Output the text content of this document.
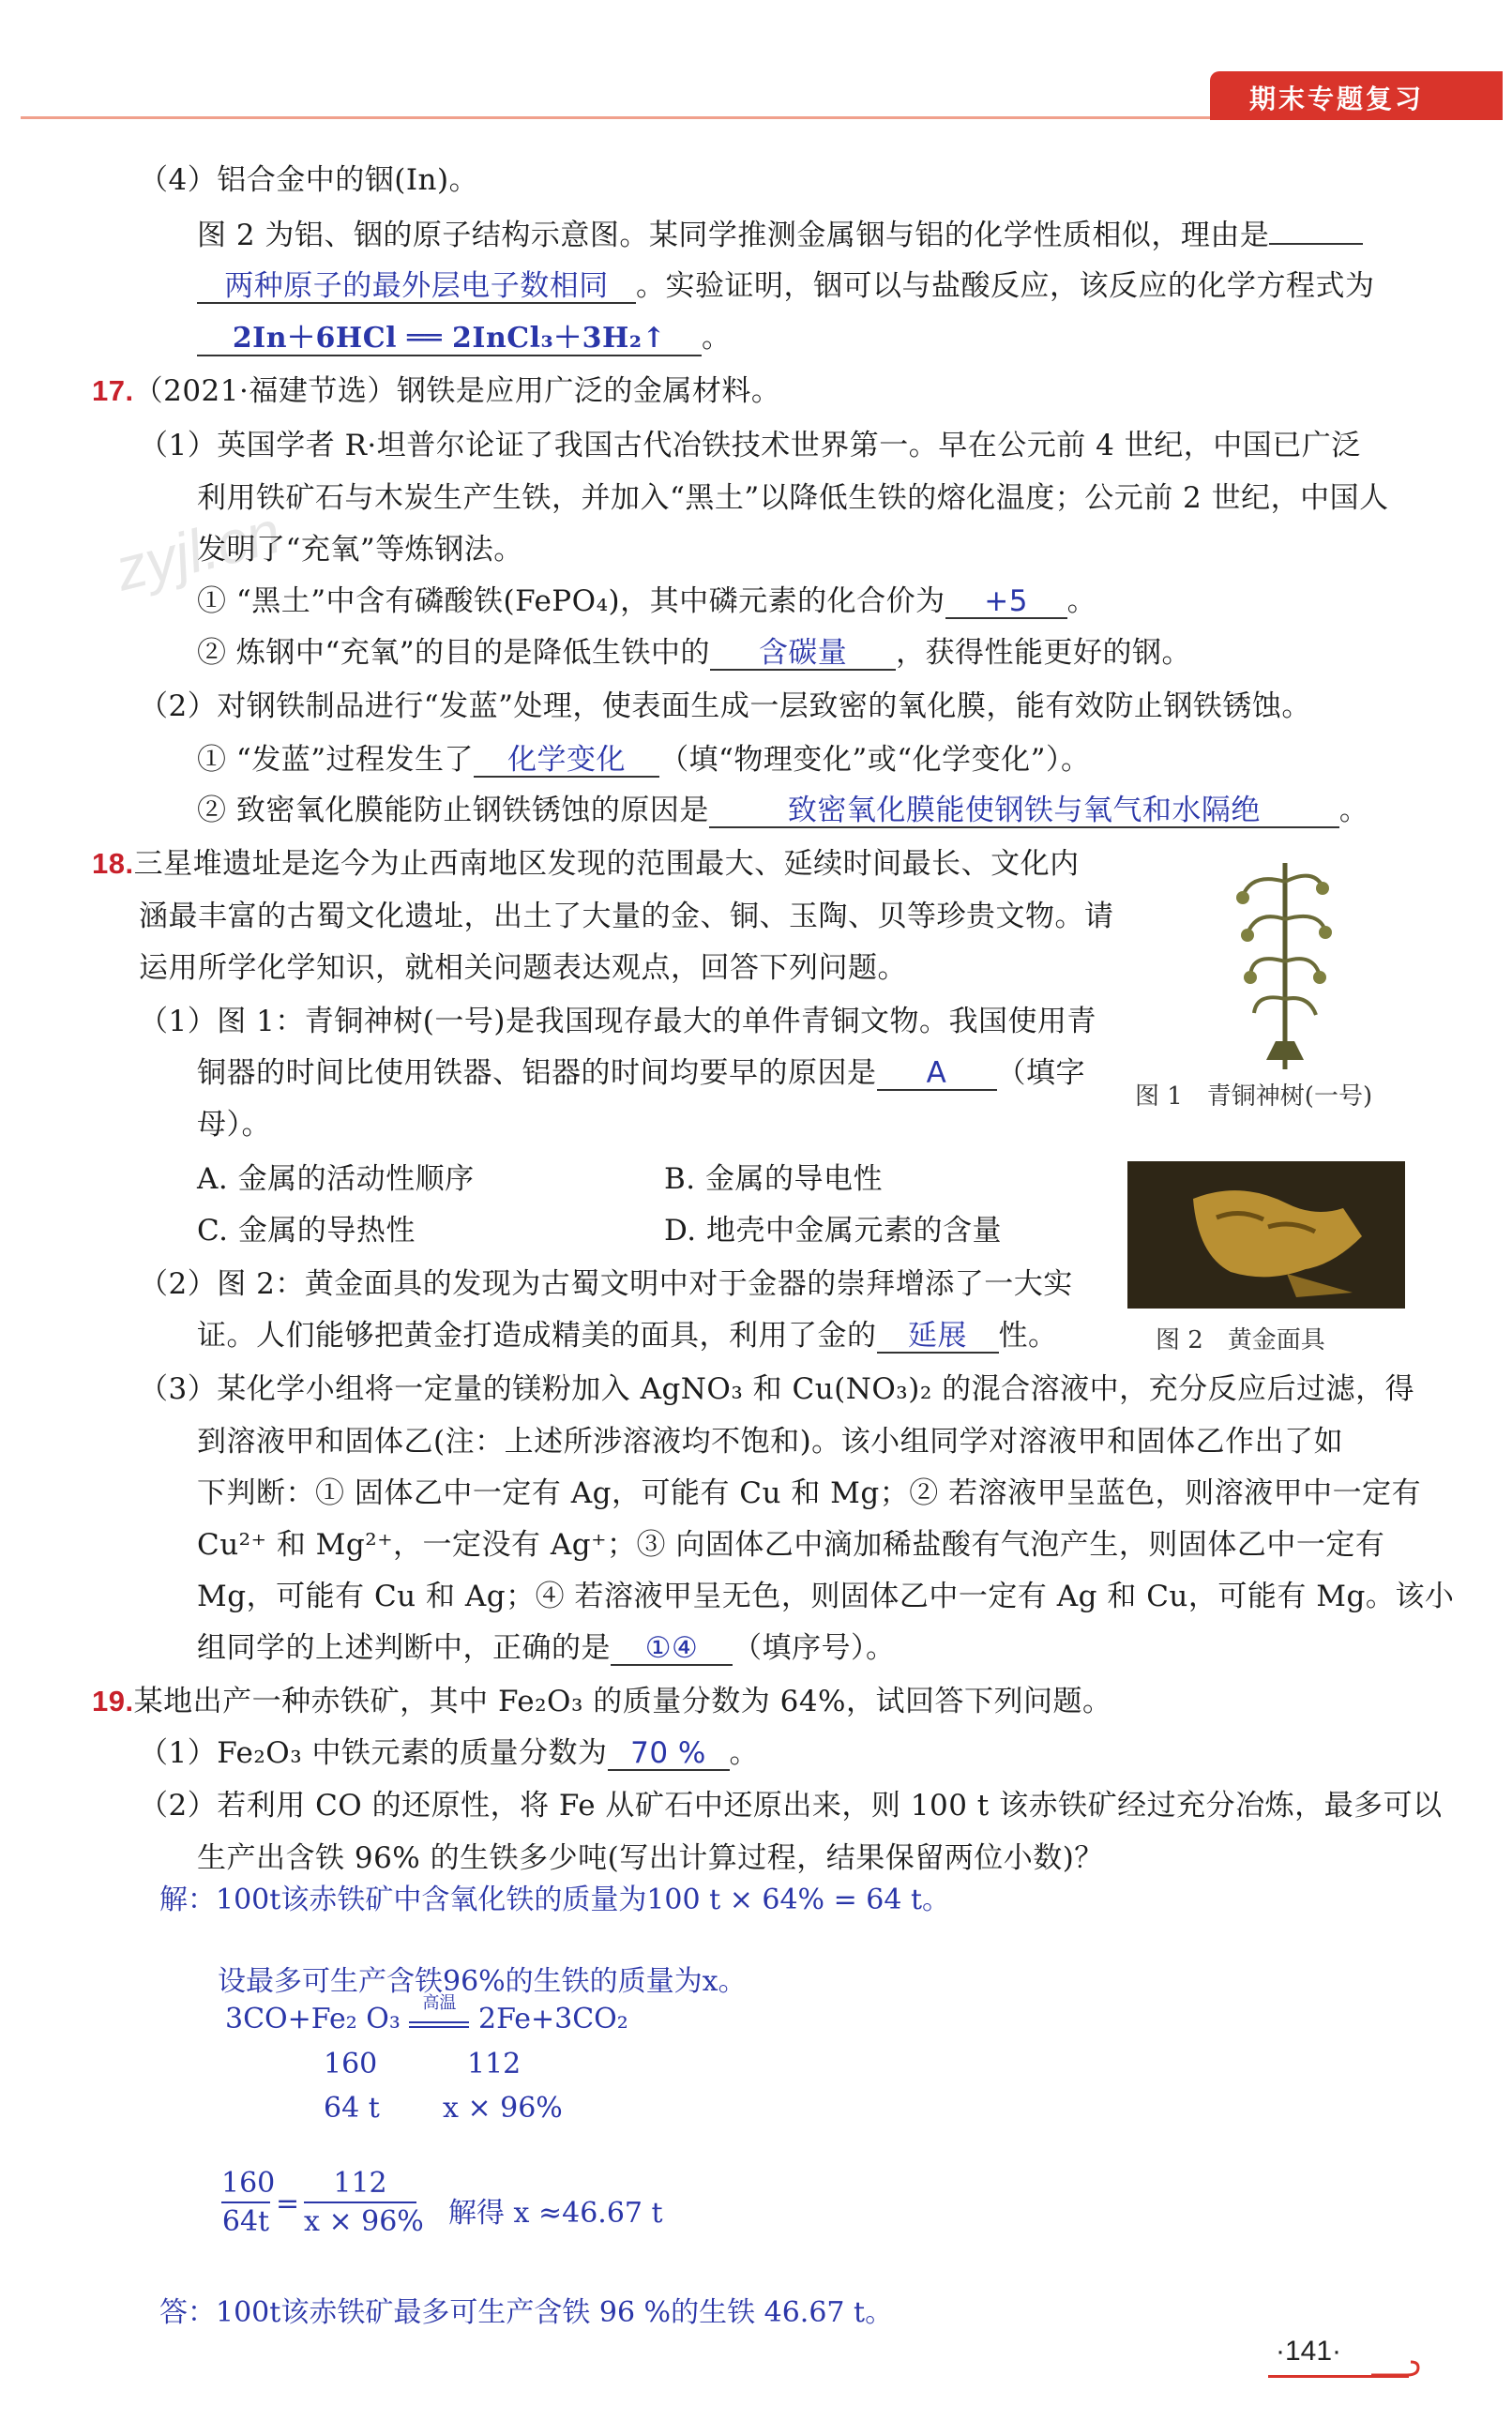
期末专题复习
zyjl.cn
（4）铝合金中的铟(In)。
图 2 为铝、铟的原子结构示意图。某同学推测金属铟与铝的化学性质相似，理由是
两种原子的最外层电子数相同 。实验证明，铟可以与盐酸反应，该反应的化学方程式为
2In＋6HCl ══ 2InCl₃＋3H₂↑ 。
17.（2021·福建节选）钢铁是应用广泛的金属材料。
（1）英国学者 R·坦普尔论证了我国古代冶铁技术世界第一。早在公元前 4 世纪，中国已广泛
利用铁矿石与木炭生产生铁，并加入“黑土”以降低生铁的熔化温度；公元前 2 世纪，中国人
发明了“充氧”等炼钢法。
① “黑土”中含有磷酸铁(FePO₄)，其中磷元素的化合价为 +5 。
② 炼钢中“充氧”的目的是降低生铁中的 含碳量 ，获得性能更好的钢。
（2）对钢铁制品进行“发蓝”处理，使表面生成一层致密的氧化膜，能有效防止钢铁锈蚀。
① “发蓝”过程发生了 化学变化 （填“物理变化”或“化学变化”）。
② 致密氧化膜能防止钢铁锈蚀的原因是	致密氧化膜能使钢铁与氧气和水隔绝	。
18.三星堆遗址是迄今为止西南地区发现的范围最大、延续时间最长、文化内
涵最丰富的古蜀文化遗址，出土了大量的金、铜、玉陶、贝等珍贵文物。请
运用所学化学知识，就相关问题表达观点，回答下列问题。
（1）图 1：青铜神树(一号)是我国现存最大的单件青铜文物。我国使用青
铜器的时间比使用铁器、铝器的时间均要早的原因是 A （填字
母）。
A. 金属的活动性顺序	B. 金属的导电性
C. 金属的导热性	D. 地壳中金属元素的含量
（2）图 2：黄金面具的发现为古蜀文明中对于金器的崇拜增添了一大实
证。人们能够把黄金打造成精美的面具，利用了金的 延展 性。
图 1　青铜神树(一号)
图 2　黄金面具
（3）某化学小组将一定量的镁粉加入 AgNO₃ 和 Cu(NO₃)₂ 的混合溶液中，充分反应后过滤，得
到溶液甲和固体乙(注：上述所涉溶液均不饱和)。该小组同学对溶液甲和固体乙作出了如
下判断：① 固体乙中一定有 Ag，可能有 Cu 和 Mg；② 若溶液甲呈蓝色，则溶液甲中一定有
Cu²⁺ 和 Mg²⁺，一定没有 Ag⁺；③ 向固体乙中滴加稀盐酸有气泡产生，则固体乙中一定有
Mg，可能有 Cu 和 Ag；④ 若溶液甲呈无色，则固体乙中一定有 Ag 和 Cu，可能有 Mg。该小
组同学的上述判断中，正确的是 ①④ （填序号）。
19.某地出产一种赤铁矿，其中 Fe₂O₃ 的质量分数为 64%，试回答下列问题。
（1）Fe₂O₃ 中铁元素的质量分数为 70 % 。
（2）若利用 CO 的还原性，将 Fe 从矿石中还原出来，则 100 t 该赤铁矿经过充分冶炼，最多可以
生产出含铁 96% 的生铁多少吨(写出计算过程，结果保留两位小数)？
解：100t该赤铁矿中含氧化铁的质量为100 t × 64% = 64 t。
设最多可生产含铁96%的生铁的质量为x。
3CO+Fe₂ O₃	高温 2Fe+3CO₂
160	112
64 t x × 96%
160
64t
=
112
x × 96% 解得 x ≈46.67 t
答：100t该赤铁矿最多可生产含铁 96 %的生铁 46.67 t。
·141·
